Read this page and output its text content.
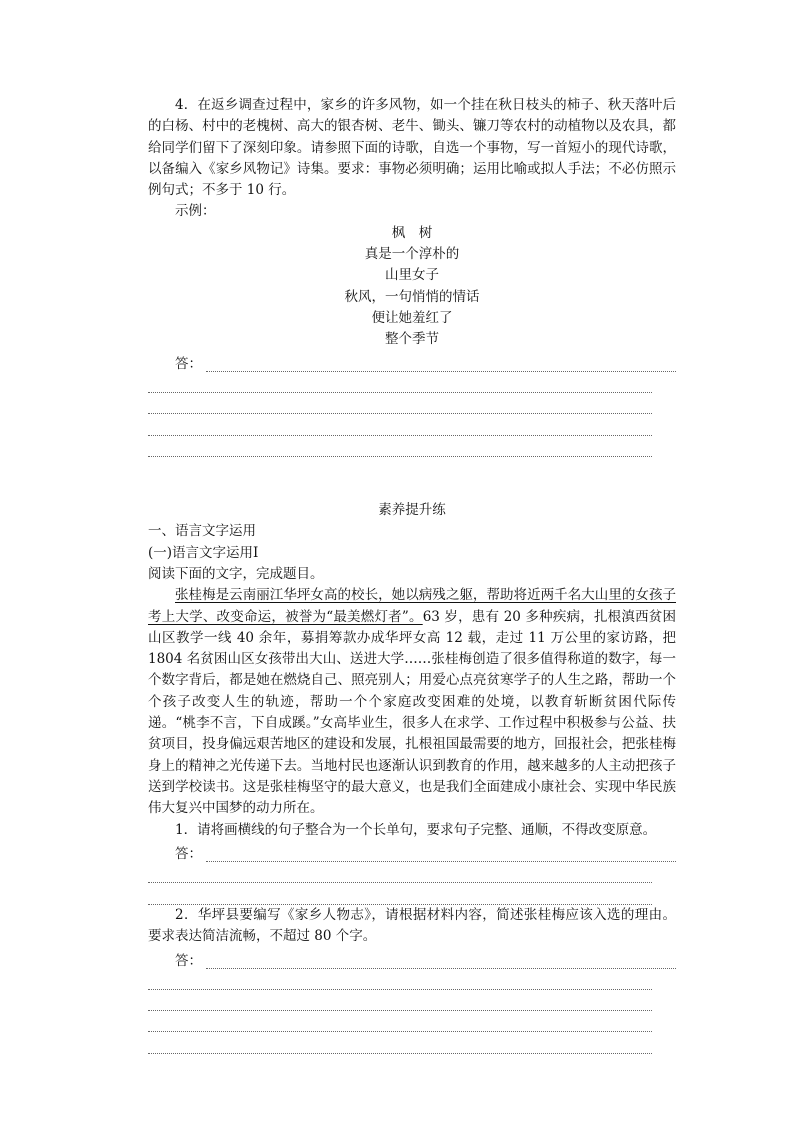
4．在返乡调查过程中，家乡的许多风物，如一个挂在秋日枝头的柿子、秋天落叶后的白杨、村中的老槐树、高大的银杏树、老牛、锄头、镰刀等农村的动植物以及农具，都给同学们留下了深刻印象。请参照下面的诗歌，自选一个事物，写一首短小的现代诗歌，以备编入《家乡风物记》诗集。要求：事物必须明确；运用比喻或拟人手法；不必仿照示例句式；不多于 10 行。

示例：

枫　树

真是一个淳朴的

山里女子

秋风，一句悄悄的情话

便让她羞红了

整个季节

答：

素养提升练

一、语言文字运用

(一)语言文字运用Ⅰ

阅读下面的文字，完成题目。

张桂梅是云南丽江华坪女高的校长，她以病残之躯，帮助将近两千名大山里的女孩子考上大学、改变命运，被誉为“最美燃灯者”。63 岁，患有 20 多种疾病，扎根滇西贫困山区教学一线 40 余年，募捐筹款办成华坪女高 12 载，走过 11 万公里的家访路，把 1804 名贫困山区女孩带出大山、送进大学……张桂梅创造了很多值得称道的数字，每一个数字背后，都是她在燃烧自己、照亮别人；用爱心点亮贫寒学子的人生之路，帮助一个个孩子改变人生的轨迹，帮助一个个家庭改变困难的处境，以教育斩断贫困代际传递。“桃李不言，下自成蹊。”女高毕业生，很多人在求学、工作过程中积极参与公益、扶贫项目，投身偏远艰苦地区的建设和发展，扎根祖国最需要的地方，回报社会，把张桂梅身上的精神之光传递下去。当地村民也逐渐认识到教育的作用，越来越多的人主动把孩子送到学校读书。这是张桂梅坚守的最大意义，也是我们全面建成小康社会、实现中华民族伟大复兴中国梦的动力所在。

1．请将画横线的句子整合为一个长单句，要求句子完整、通顺，不得改变原意。

答：

2．华坪县要编写《家乡人物志》，请根据材料内容，简述张桂梅应该入选的理由。要求表达简洁流畅，不超过 80 个字。

答：
